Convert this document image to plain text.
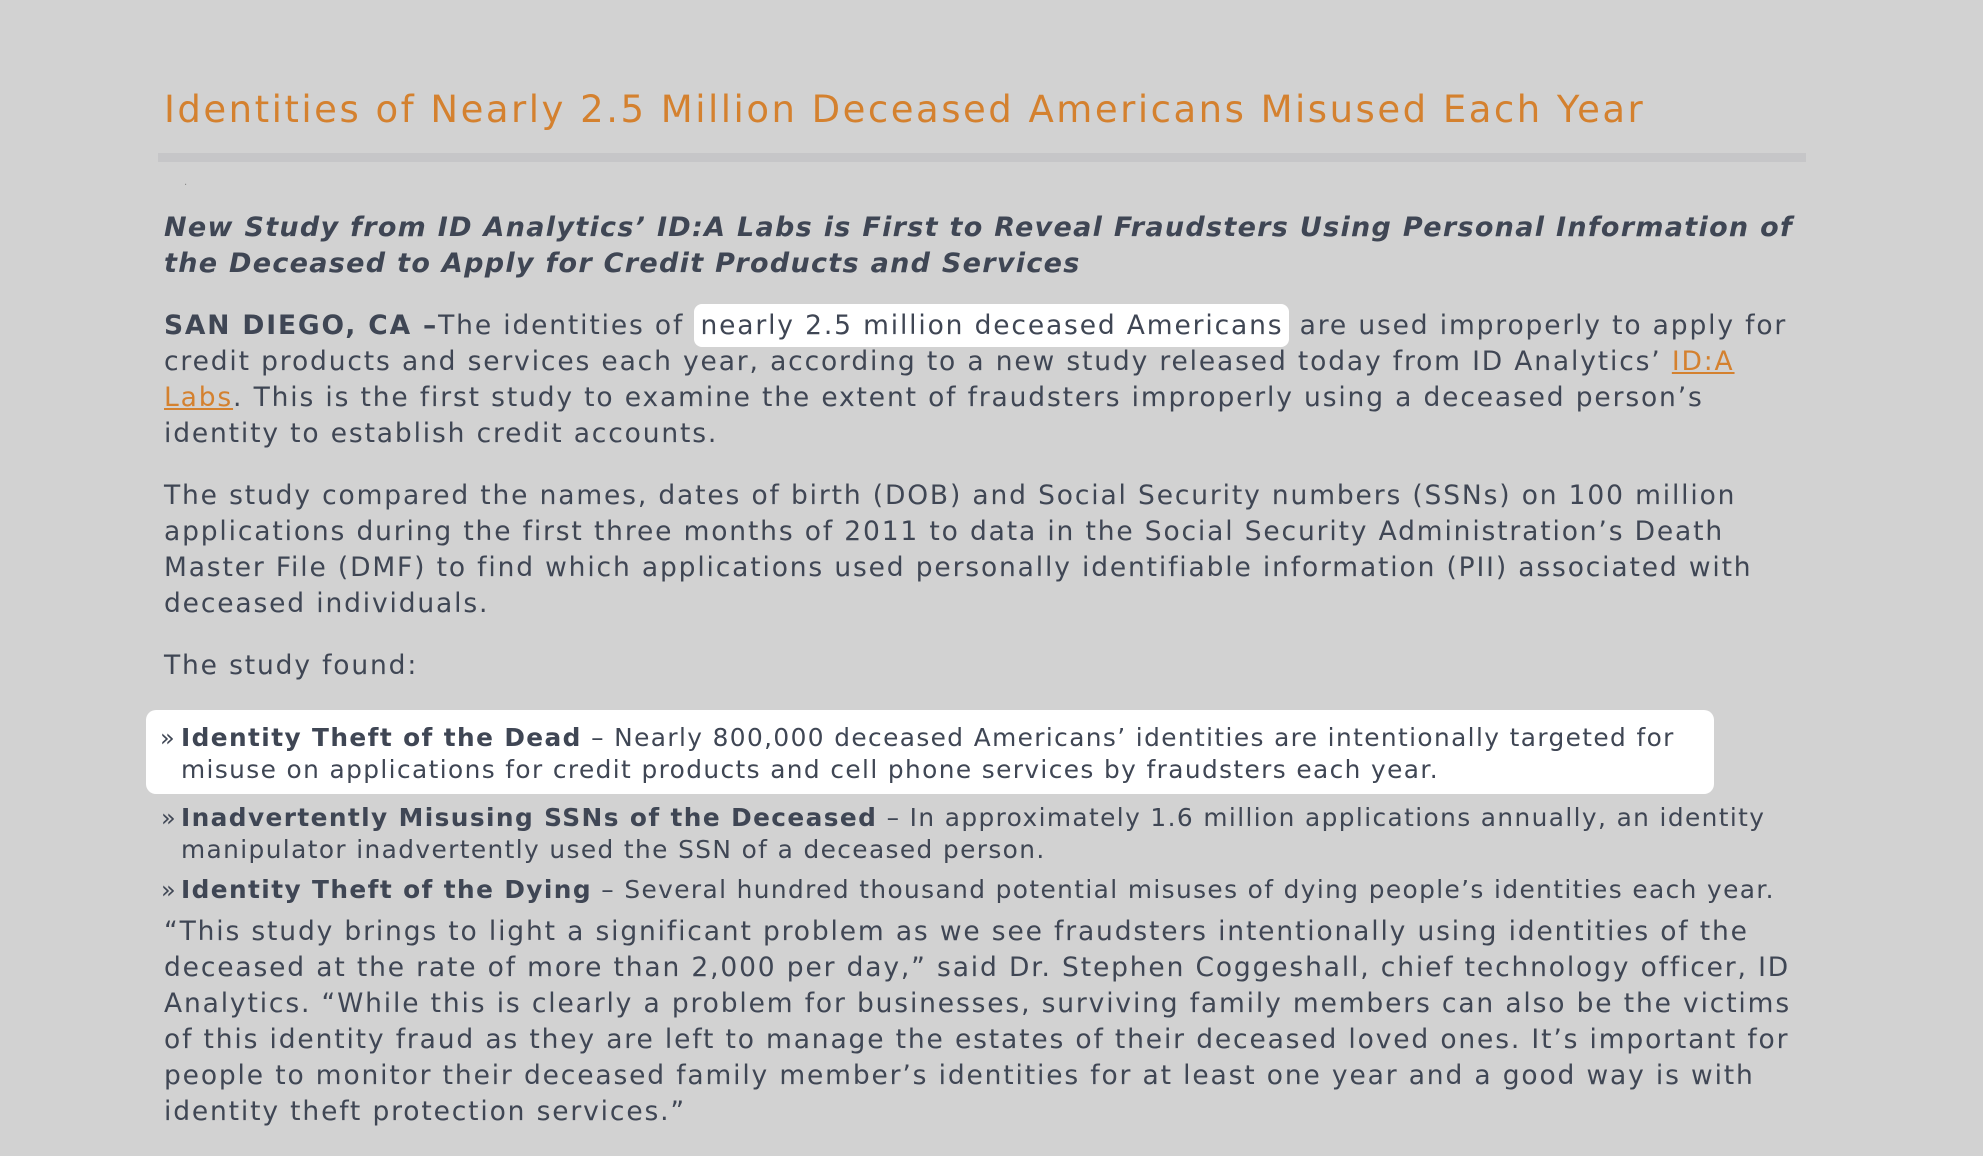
Identities of Nearly 2.5 Million Deceased Americans Misused Each Year
·
New Study from ID Analytics’ ID:A Labs is First to Reveal Fraudsters Using Personal Information of the Deceased to Apply for Credit Products and Services

SAN DIEGO, CA –The identities of nearly 2.5 million deceased Americans are used improperly to apply for credit products and services each year, according to a new study released today from ID Analytics’ ID:A Labs. This is the first study to examine the extent of fraudsters improperly using a deceased person’s identity to establish credit accounts.

The study compared the names, dates of birth (DOB) and Social Security numbers (SSNs) on 100 million applications during the first three months of 2011 to data in the Social Security Administration’s Death Master File (DMF) to find which applications used personally identifiable information (PII) associated with deceased individuals.

The study found:

» Identity Theft of the Dead – Nearly 800,000 deceased Americans’ identities are intentionally targeted for misuse on applications for credit products and cell phone services by fraudsters each year.
» Inadvertently Misusing SSNs of the Deceased – In approximately 1.6 million applications annually, an identity manipulator inadvertently used the SSN of a deceased person.
» Identity Theft of the Dying – Several hundred thousand potential misuses of dying people’s identities each year.

“This study brings to light a significant problem as we see fraudsters intentionally using identities of the deceased at the rate of more than 2,000 per day,” said Dr. Stephen Coggeshall, chief technology officer, ID Analytics. “While this is clearly a problem for businesses, surviving family members can also be the victims of this identity fraud as they are left to manage the estates of their deceased loved ones. It’s important for people to monitor their deceased family member’s identities for at least one year and a good way is with identity theft protection services.”
